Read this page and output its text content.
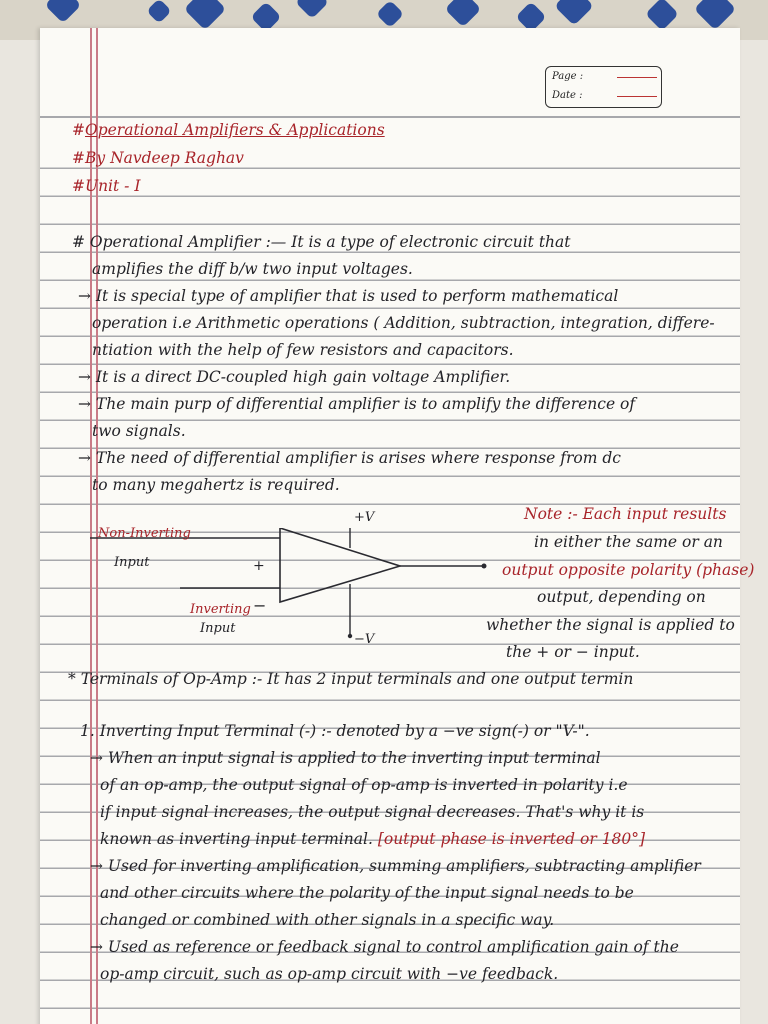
Page :
Date :
#Operational Amplifiers & Applications
#By Navdeep Raghav
#Unit - I
# Operational Amplifier :— It is a type of electronic circuit that
amplifies the diff b/w two input voltages.
→ It is special type of amplifier that is used to perform mathematical
operation i.e Arithmetic operations ( Addition, subtraction, integration, differe-
ntiation with the help of few resistors and capacitors.
→ It is a direct DC-coupled high gain voltage Amplifier.
→ The main purp of differential amplifier is to amplify the difference of
two signals.
→ The need of differential amplifier is arises where response from dc
to many megahertz is required.
Note :- Each input results
in either the same or an
output opposite polarity (phase)
output, depending on
whether the signal is applied to
the + or − input.
* Terminals of Op-Amp :- It has 2 input terminals and one output termin
1. Inverting Input Terminal (-) :- denoted by a −ve sign(-) or "V-".
→ When an input signal is applied to the inverting input terminal
of an op-amp, the output signal of op-amp is inverted in polarity i.e
if input signal increases, the output signal decreases. That's why it is
known as inverting input terminal. [output phase is inverted or 180°]
→ Used for inverting amplification, summing amplifiers, subtracting amplifier
and other circuits where the polarity of the input signal needs to be
changed or combined with other signals in a specific way.
→ Used as reference or feedback signal to control amplification gain of the
op-amp circuit, such as op-amp circuit with −ve feedback.
+
−
+V
−V
Non-Inverting
Input
Inverting
Input
